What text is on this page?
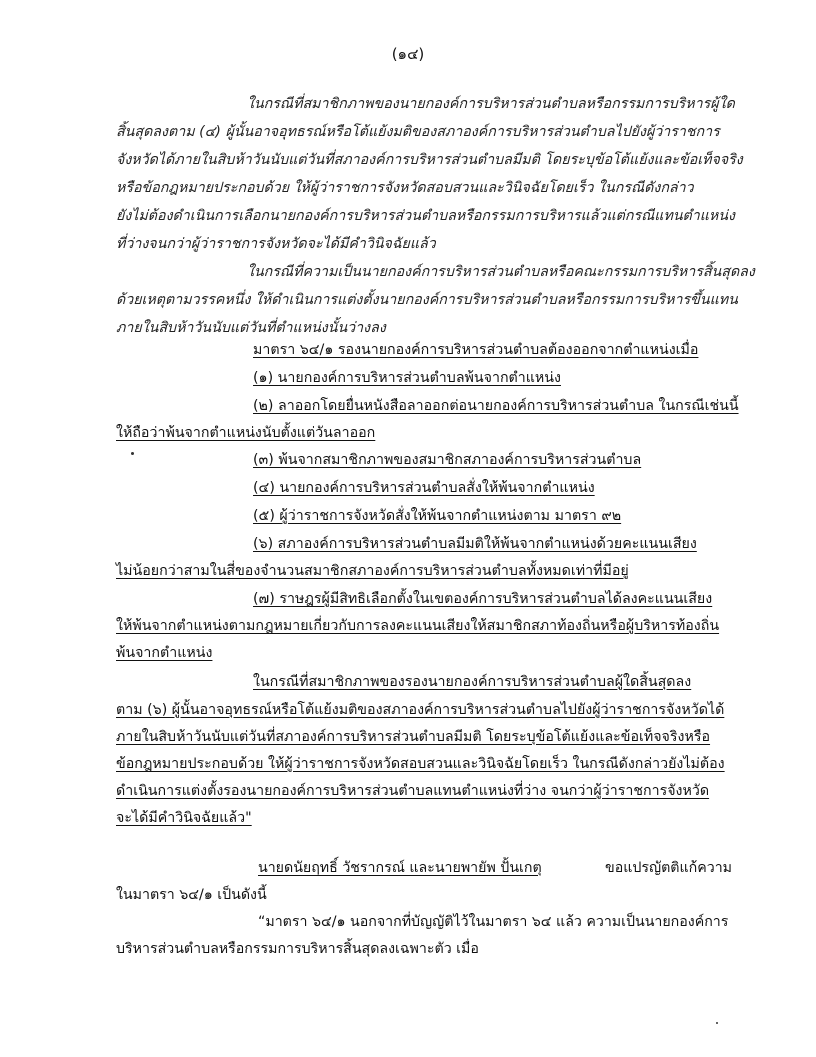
(๑๔)
ในกรณีที่สมาชิกภาพของนายกองค์การบริหารส่วนตำบลหรือกรรมการบริหารผู้ใด
สิ้นสุดลงตาม (๔) ผู้นั้นอาจอุทธรณ์หรือโต้แย้งมติของสภาองค์การบริหารส่วนตำบลไปยังผู้ว่าราชการ
จังหวัดได้ภายในสิบห้าวันนับแต่วันที่สภาองค์การบริหารส่วนตำบลมีมติ โดยระบุข้อโต้แย้งและข้อเท็จจริง
หรือข้อกฎหมายประกอบด้วย ให้ผู้ว่าราชการจังหวัดสอบสวนและวินิจฉัยโดยเร็ว ในกรณีดังกล่าว
ยังไม่ต้องดำเนินการเลือกนายกองค์การบริหารส่วนตำบลหรือกรรมการบริหารแล้วแต่กรณีแทนตำแหน่ง
ที่ว่างจนกว่าผู้ว่าราชการจังหวัดจะได้มีคำวินิจฉัยแล้ว
ในกรณีที่ความเป็นนายกองค์การบริหารส่วนตำบลหรือคณะกรรมการบริหารสิ้นสุดลง
ด้วยเหตุตามวรรคหนึ่ง ให้ดำเนินการแต่งตั้งนายกองค์การบริหารส่วนตำบลหรือกรรมการบริหารขึ้นแทน
ภายในสิบห้าวันนับแต่วันที่ตำแหน่งนั้นว่างลง
มาตรา ๖๔/๑ รองนายกองค์การบริหารส่วนตำบลต้องออกจากตำแหน่งเมื่อ
(๑) นายกองค์การบริหารส่วนตำบลพ้นจากตำแหน่ง
(๒) ลาออกโดยยื่นหนังสือลาออกต่อนายกองค์การบริหารส่วนตำบล ในกรณีเช่นนี้
ให้ถือว่าพ้นจากตำแหน่งนับตั้งแต่วันลาออก
(๓) พ้นจากสมาชิกภาพของสมาชิกสภาองค์การบริหารส่วนตำบล
(๔) นายกองค์การบริหารส่วนตำบลสั่งให้พ้นจากตำแหน่ง
(๕) ผู้ว่าราชการจังหวัดสั่งให้พ้นจากตำแหน่งตาม มาตรา ๙๒
(๖) สภาองค์การบริหารส่วนตำบลมีมติให้พ้นจากตำแหน่งด้วยคะแนนเสียง
ไม่น้อยกว่าสามในสี่ของจำนวนสมาชิกสภาองค์การบริหารส่วนตำบลทั้งหมดเท่าที่มีอยู่
(๗) ราษฎรผู้มีสิทธิเลือกตั้งในเขตองค์การบริหารส่วนตำบลได้ลงคะแนนเสียง
ให้พ้นจากตำแหน่งตามกฎหมายเกี่ยวกับการลงคะแนนเสียงให้สมาชิกสภาท้องถิ่นหรือผู้บริหารท้องถิ่น
พ้นจากตำแหน่ง
ในกรณีที่สมาชิกภาพของรองนายกองค์การบริหารส่วนตำบลผู้ใดสิ้นสุดลง
ตาม (๖) ผู้นั้นอาจอุทธรณ์หรือโต้แย้งมติของสภาองค์การบริหารส่วนตำบลไปยังผู้ว่าราชการจังหวัดได้
ภายในสิบห้าวันนับแต่วันที่สภาองค์การบริหารส่วนตำบลมีมติ โดยระบุข้อโต้แย้งและข้อเท็จจริงหรือ
ข้อกฎหมายประกอบด้วย ให้ผู้ว่าราชการจังหวัดสอบสวนและวินิจฉัยโดยเร็ว ในกรณีดังกล่าวยังไม่ต้อง
ดำเนินการแต่งตั้งรองนายกองค์การบริหารส่วนตำบลแทนตำแหน่งที่ว่าง จนกว่าผู้ว่าราชการจังหวัด
จะได้มีคำวินิจฉัยแล้ว"
นายดนัยฤทธิ์ วัชรากรณ์ และนายพายัพ ปั้นเกตุ	ขอแปรญัตติแก้ความ
ในมาตรา ๖๔/๑ เป็นดังนี้
“มาตรา ๖๔/๑ นอกจากที่บัญญัติไว้ในมาตรา ๖๔ แล้ว ความเป็นนายกองค์การ
บริหารส่วนตำบลหรือกรรมการบริหารสิ้นสุดลงเฉพาะตัว เมื่อ
